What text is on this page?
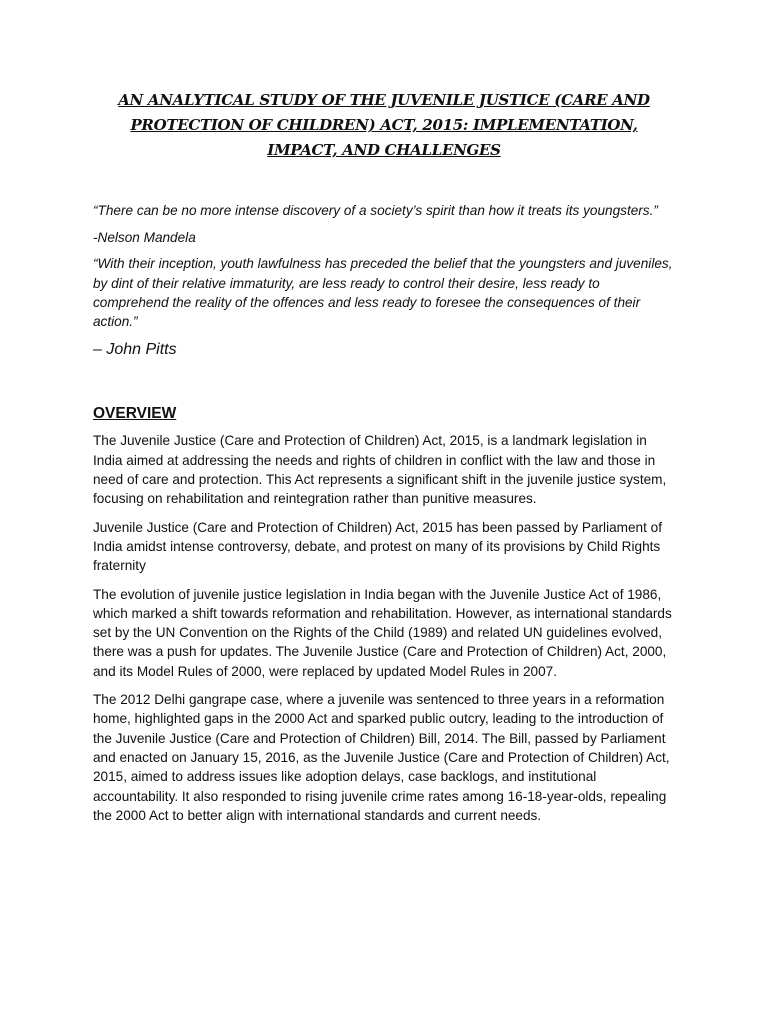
AN ANALYTICAL STUDY OF THE JUVENILE JUSTICE (CARE AND PROTECTION OF CHILDREN) ACT, 2015: IMPLEMENTATION, IMPACT, AND CHALLENGES

“There can be no more intense discovery of a society’s spirit than how it treats its youngsters.”

-Nelson Mandela

“With their inception, youth lawfulness has preceded the belief that the youngsters and juveniles, by dint of their relative immaturity, are less ready to control their desire, less ready to comprehend the reality of the offences and less ready to foresee the consequences of their action.”

– John Pitts

OVERVIEW

The Juvenile Justice (Care and Protection of Children) Act, 2015, is a landmark legislation in India aimed at addressing the needs and rights of children in conflict with the law and those in need of care and protection. This Act represents a significant shift in the juvenile justice system, focusing on rehabilitation and reintegration rather than punitive measures.

Juvenile Justice (Care and Protection of Children) Act, 2015 has been passed by Parliament of India amidst intense controversy, debate, and protest on many of its provisions by Child Rights fraternity

The evolution of juvenile justice legislation in India began with the Juvenile Justice Act of 1986, which marked a shift towards reformation and rehabilitation. However, as international standards set by the UN Convention on the Rights of the Child (1989) and related UN guidelines evolved, there was a push for updates. The Juvenile Justice (Care and Protection of Children) Act, 2000, and its Model Rules of 2000, were replaced by updated Model Rules in 2007.

The 2012 Delhi gangrape case, where a juvenile was sentenced to three years in a reformation home, highlighted gaps in the 2000 Act and sparked public outcry, leading to the introduction of the Juvenile Justice (Care and Protection of Children) Bill, 2014. The Bill, passed by Parliament and enacted on January 15, 2016, as the Juvenile Justice (Care and Protection of Children) Act, 2015, aimed to address issues like adoption delays, case backlogs, and institutional accountability. It also responded to rising juvenile crime rates among 16-18-year-olds, repealing the 2000 Act to better align with international standards and current needs.
